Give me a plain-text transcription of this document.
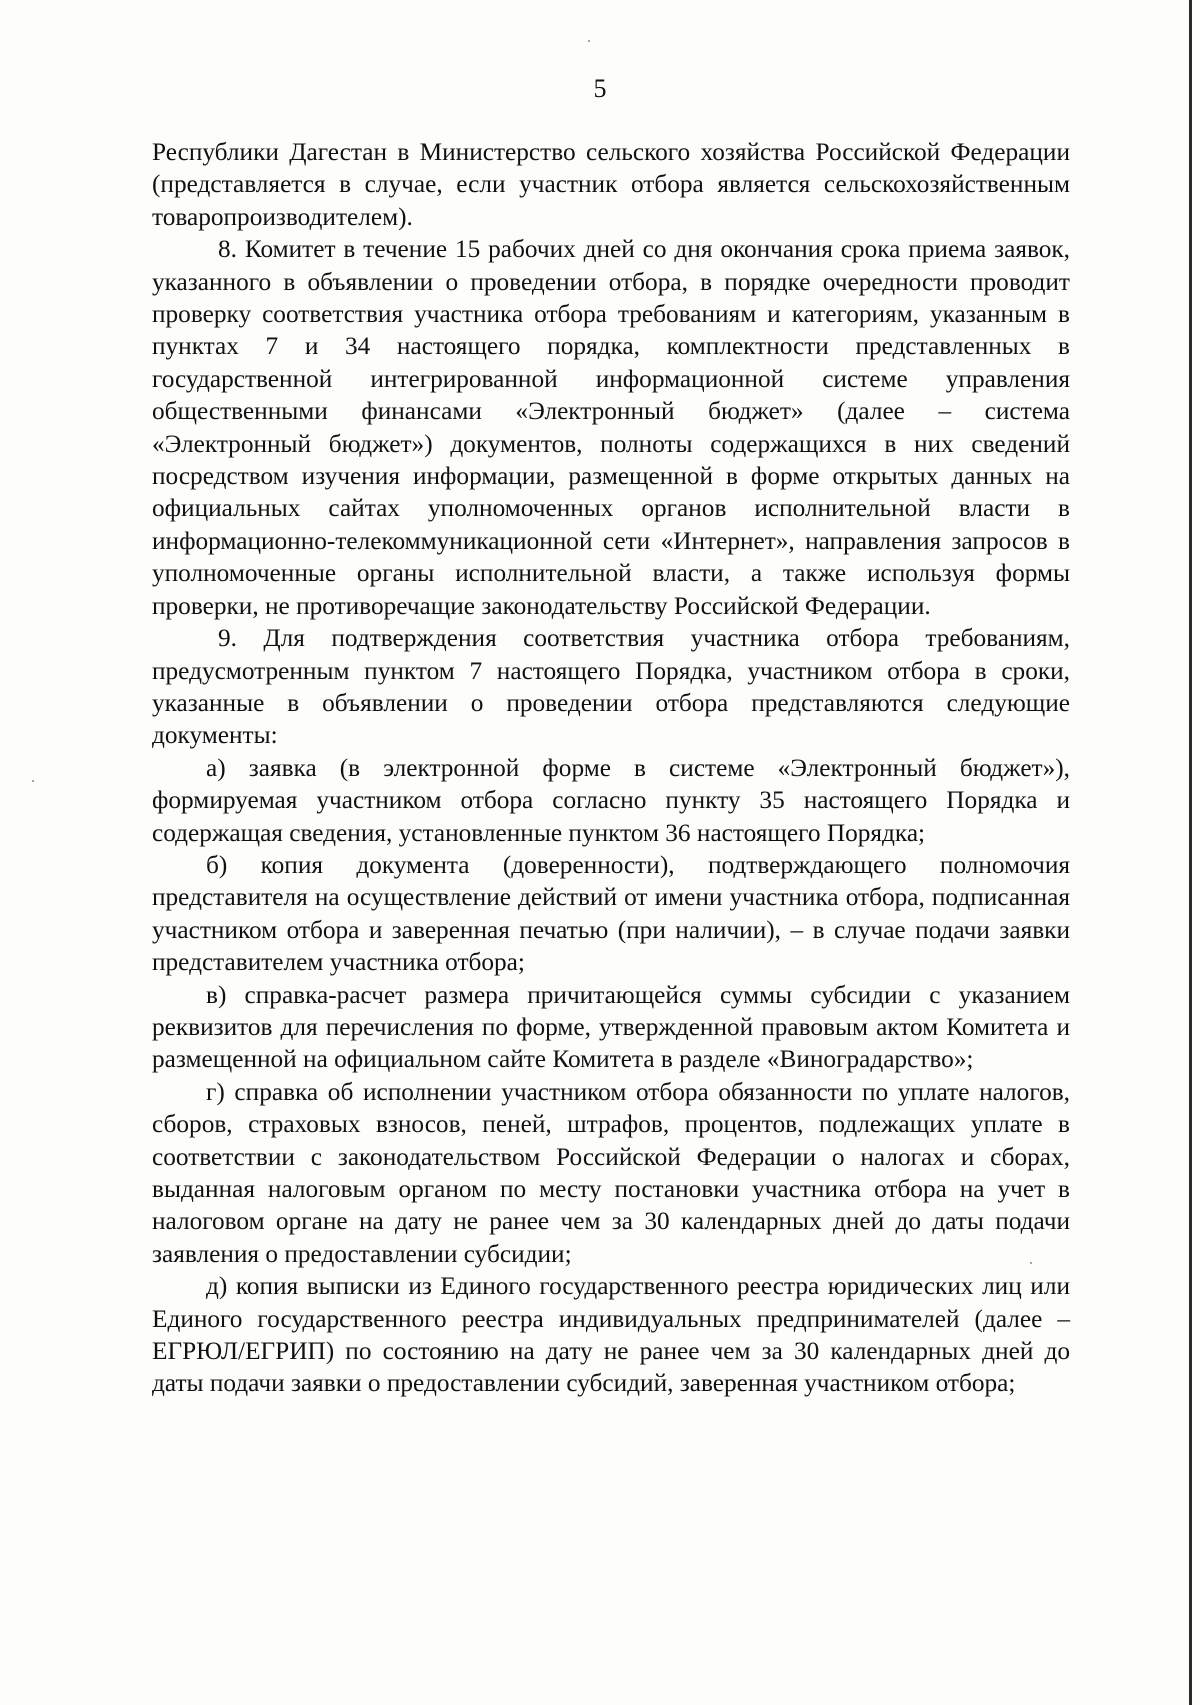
5

Республики Дагестан в Министерство сельского хозяйства Российской Федерации (представляется в случае, если участник отбора является сельскохозяйственным товаропроизводителем).

8. Комитет в течение 15 рабочих дней со дня окончания срока приема заявок, указанного в объявлении о проведении отбора, в порядке очередности проводит проверку соответствия участника отбора требованиям и категориям, указанным в пунктах 7 и 34 настоящего порядка, комплектности представленных в государственной интегрированной информационной системе управления общественными финансами «Электронный бюджет» (далее – система «Электронный бюджет») документов, полноты содержащихся в них сведений посредством изучения информации, размещенной в форме открытых данных на официальных сайтах уполномоченных органов исполнительной власти в информационно-телекоммуникационной сети «Интернет», направления запросов в уполномоченные органы исполнительной власти, а также используя формы проверки, не противоречащие законодательству Российской Федерации.

9. Для подтверждения соответствия участника отбора требованиям, предусмотренным пунктом 7 настоящего Порядка, участником отбора в сроки, указанные в объявлении о проведении отбора представляются следующие документы:

а) заявка (в электронной форме в системе «Электронный бюджет»), формируемая участником отбора согласно пункту 35 настоящего Порядка и содержащая сведения, установленные пунктом 36 настоящего Порядка;

б) копия документа (доверенности), подтверждающего полномочия представителя на осуществление действий от имени участника отбора, подписанная участником отбора и заверенная печатью (при наличии), – в случае подачи заявки представителем участника отбора;

в) справка-расчет размера причитающейся суммы субсидии с указанием реквизитов для перечисления по форме, утвержденной правовым актом Комитета и размещенной на официальном сайте Комитета в разделе «Виноградарство»;

г) справка об исполнении участником отбора обязанности по уплате налогов, сборов, страховых взносов, пеней, штрафов, процентов, подлежащих уплате в соответствии с законодательством Российской Федерации о налогах и сборах, выданная налоговым органом по месту постановки участника отбора на учет в налоговом органе на дату не ранее чем за 30 календарных дней до даты подачи заявления о предоставлении субсидии;

д) копия выписки из Единого государственного реестра юридических лиц или Единого государственного реестра индивидуальных предпринимателей (далее – ЕГРЮЛ/ЕГРИП) по состоянию на дату не ранее чем за 30 календарных дней до даты подачи заявки о предоставлении субсидий, заверенная участником отбора;
